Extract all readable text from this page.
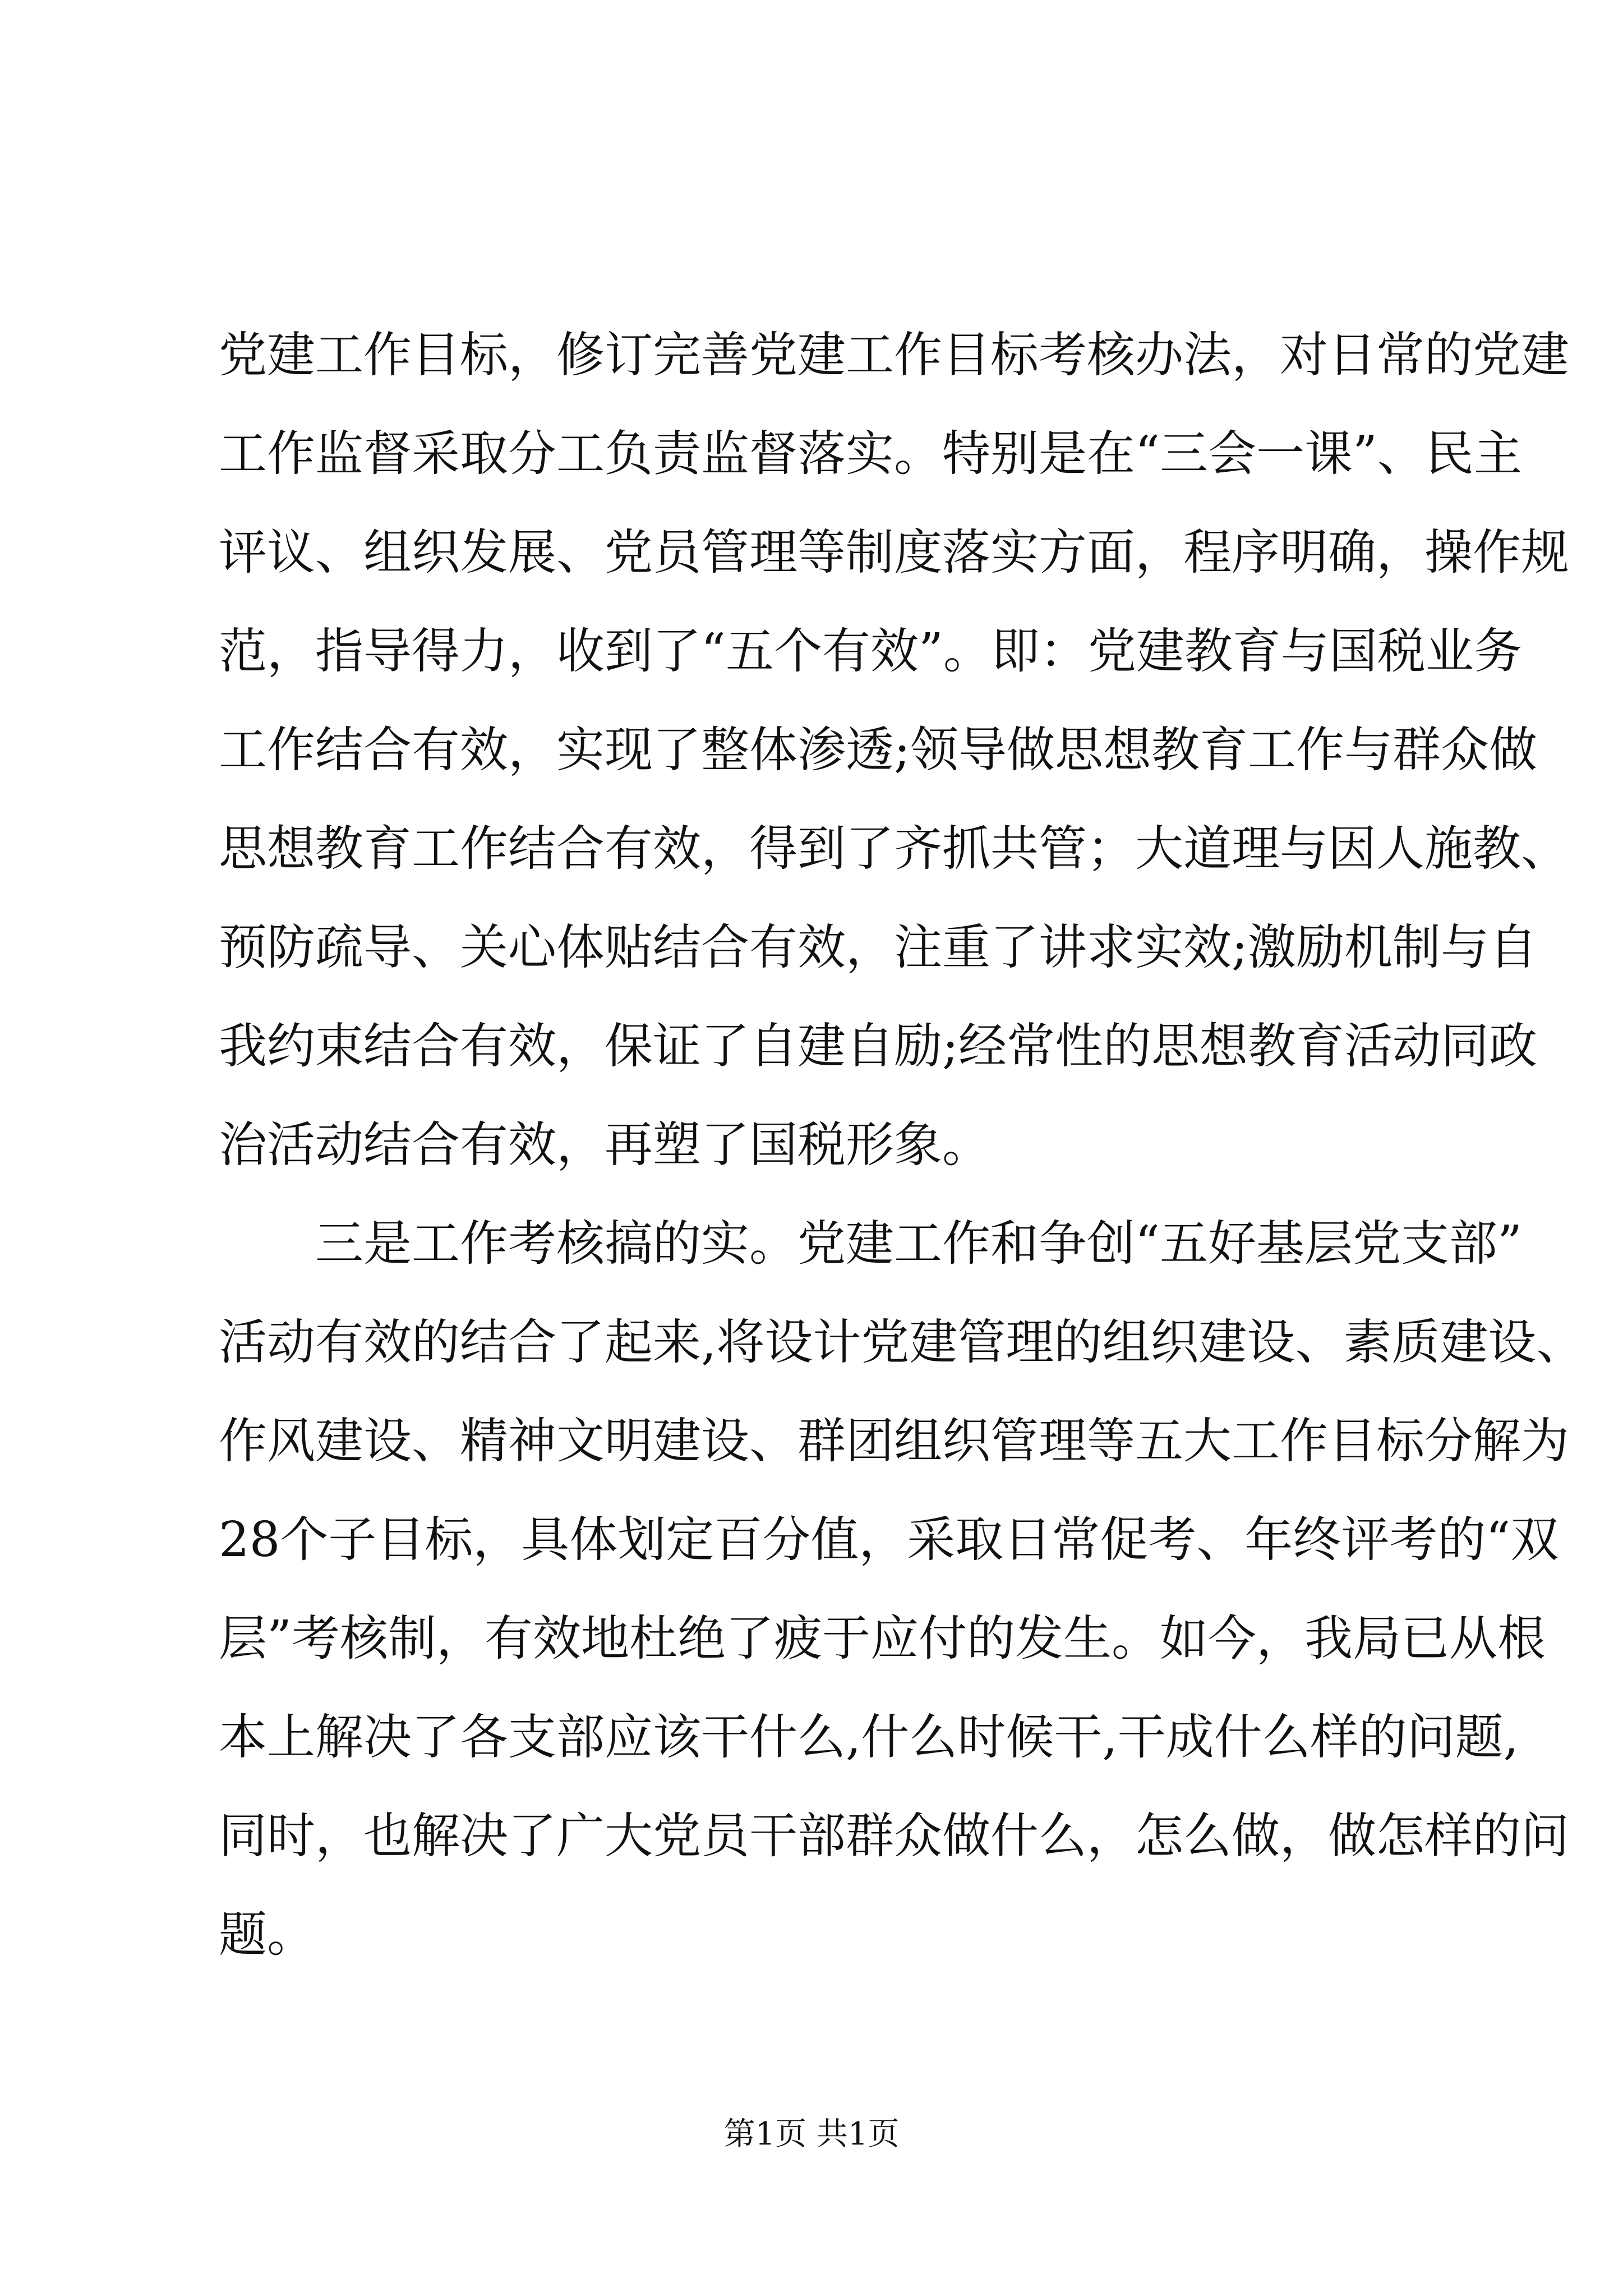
党建工作目标，修订完善党建工作目标考核办法，对日常的党建
工作监督采取分工负责监督落实。特别是在“三会一课”、民主
评议、组织发展、党员管理等制度落实方面，程序明确，操作规
范，指导得力，收到了“五个有效”。即：党建教育与国税业务
工作结合有效，实现了整体渗透;领导做思想教育工作与群众做
思想教育工作结合有效，得到了齐抓共管；大道理与因人施教、
预防疏导、关心体贴结合有效，注重了讲求实效;激励机制与自
我约束结合有效，保证了自建自励;经常性的思想教育活动同政
治活动结合有效，再塑了国税形象。
三是工作考核搞的实。党建工作和争创“五好基层党支部”
活动有效的结合了起来,将设计党建管理的组织建设、素质建设、
作风建设、精神文明建设、群团组织管理等五大工作目标分解为
28个子目标，具体划定百分值，采取日常促考、年终评考的“双
层”考核制，有效地杜绝了疲于应付的发生。如今，我局已从根
本上解决了各支部应该干什么,什么时候干,干成什么样的问题,
同时，也解决了广大党员干部群众做什么，怎么做，做怎样的问
题。
第1页 共1页
